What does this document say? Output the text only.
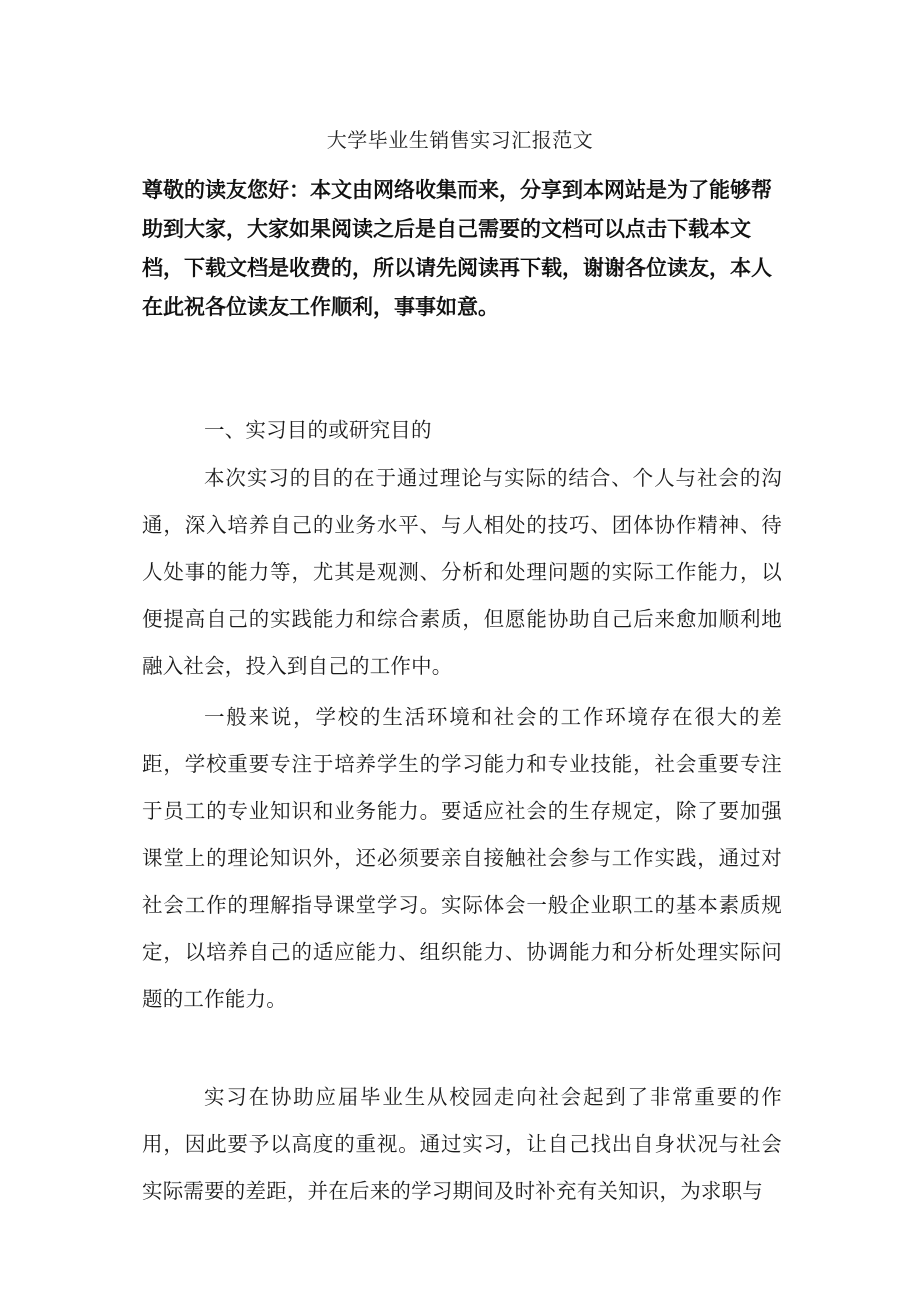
大学毕业生销售实习汇报范文

尊敬的读友您好：本文由网络收集而来，分享到本网站是为了能够帮助到大家，大家如果阅读之后是自己需要的文档可以点击下载本文档，下载文档是收费的，所以请先阅读再下载，谢谢各位读友，本人在此祝各位读友工作顺利，事事如意。

一、实习目的或研究目的

本次实习的目的在于通过理论与实际的结合、个人与社会的沟通，深入培养自己的业务水平、与人相处的技巧、团体协作精神、待人处事的能力等，尤其是观测、分析和处理问题的实际工作能力，以便提高自己的实践能力和综合素质，但愿能协助自己后来愈加顺利地融入社会，投入到自己的工作中。

一般来说，学校的生活环境和社会的工作环境存在很大的差距，学校重要专注于培养学生的学习能力和专业技能，社会重要专注于员工的专业知识和业务能力。要适应社会的生存规定，除了要加强课堂上的理论知识外，还必须要亲自接触社会参与工作实践，通过对社会工作的理解指导课堂学习。实际体会一般企业职工的基本素质规定，以培养自己的适应能力、组织能力、协调能力和分析处理实际问题的工作能力。

实习在协助应届毕业生从校园走向社会起到了非常重要的作用，因此要予以高度的重视。通过实习，让自己找出自身状况与社会实际需要的差距，并在后来的学习期间及时补充有关知识，为求职与
